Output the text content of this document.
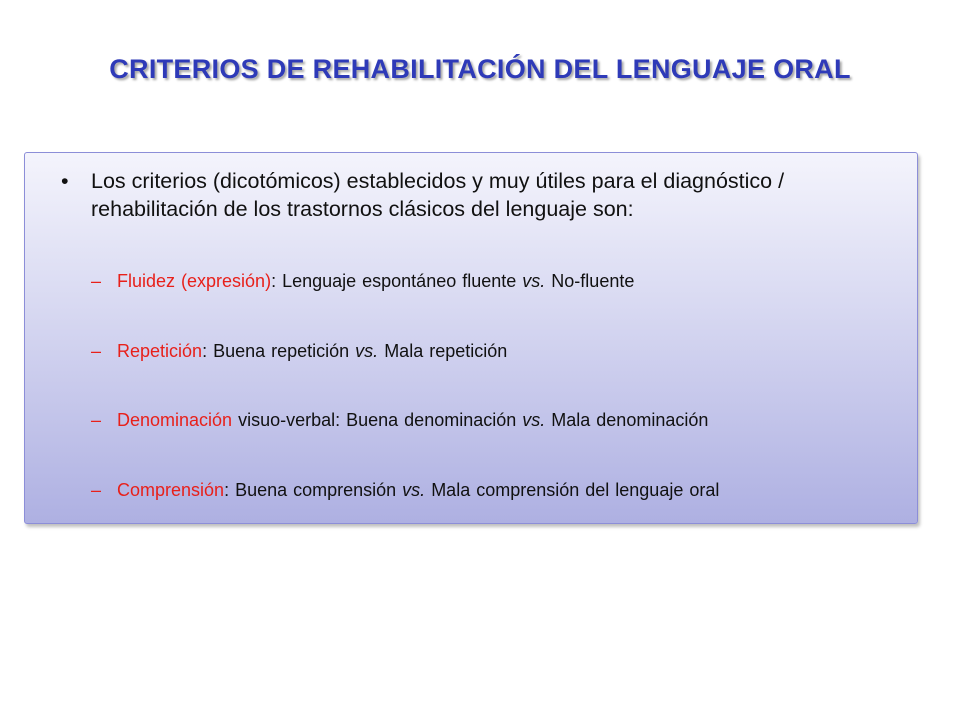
CRITERIOS DE REHABILITACIÓN DEL LENGUAJE ORAL
•	Los criterios (dicotómicos) establecidos y muy útiles para el diagnóstico / rehabilitación de los trastornos clásicos del lenguaje son:
– Fluidez (expresión): Lenguaje espontáneo fluente vs. No-fluente
– Repetición: Buena repetición vs. Mala repetición
– Denominación visuo-verbal: Buena denominación vs. Mala denominación
– Comprensión: Buena comprensión vs. Mala comprensión del lenguaje oral
